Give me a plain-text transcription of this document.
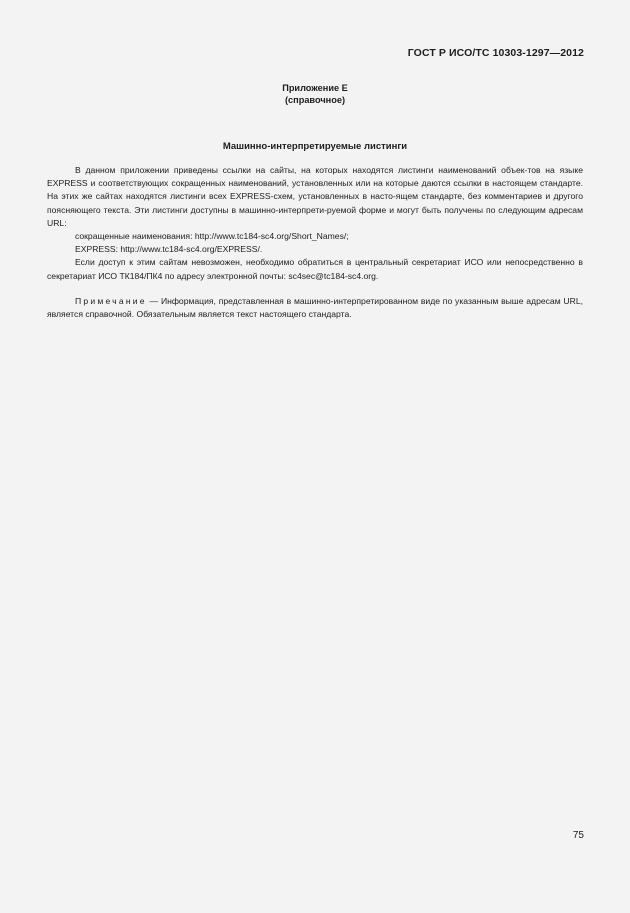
ГОСТ Р ИСО/ТС 10303-1297—2012
Приложение Е
(справочное)
Машинно-интерпретируемые листинги

В данном приложении приведены ссылки на сайты, на которых находятся листинги наименований объек-тов на языке EXPRESS и соответствующих сокращенных наименований, установленных или на которые даются ссылки в настоящем стандарте. На этих же сайтах находятся листинги всех EXPRESS-схем, установленных в насто-ящем стандарте, без комментариев и другого поясняющего текста. Эти листинги доступны в машинно-интерпрети-руемой форме и могут быть получены по следующим адресам URL:

сокращенные наименования: http://www.tc184-sc4.org/Short_Names/;

EXPRESS: http://www.tc184-sc4.org/EXPRESS/.

Если доступ к этим сайтам невозможен, необходимо обратиться в центральный секретариат ИСО или непосредственно в секретариат ИСО ТК184/ПК4 по адресу электронной почты: sc4sec@tc184-sc4.org.

Примечание — Информация, представленная в машинно-интерпретированном виде по указанным выше адресам URL, является справочной. Обязательным является текст настоящего стандарта.

75
